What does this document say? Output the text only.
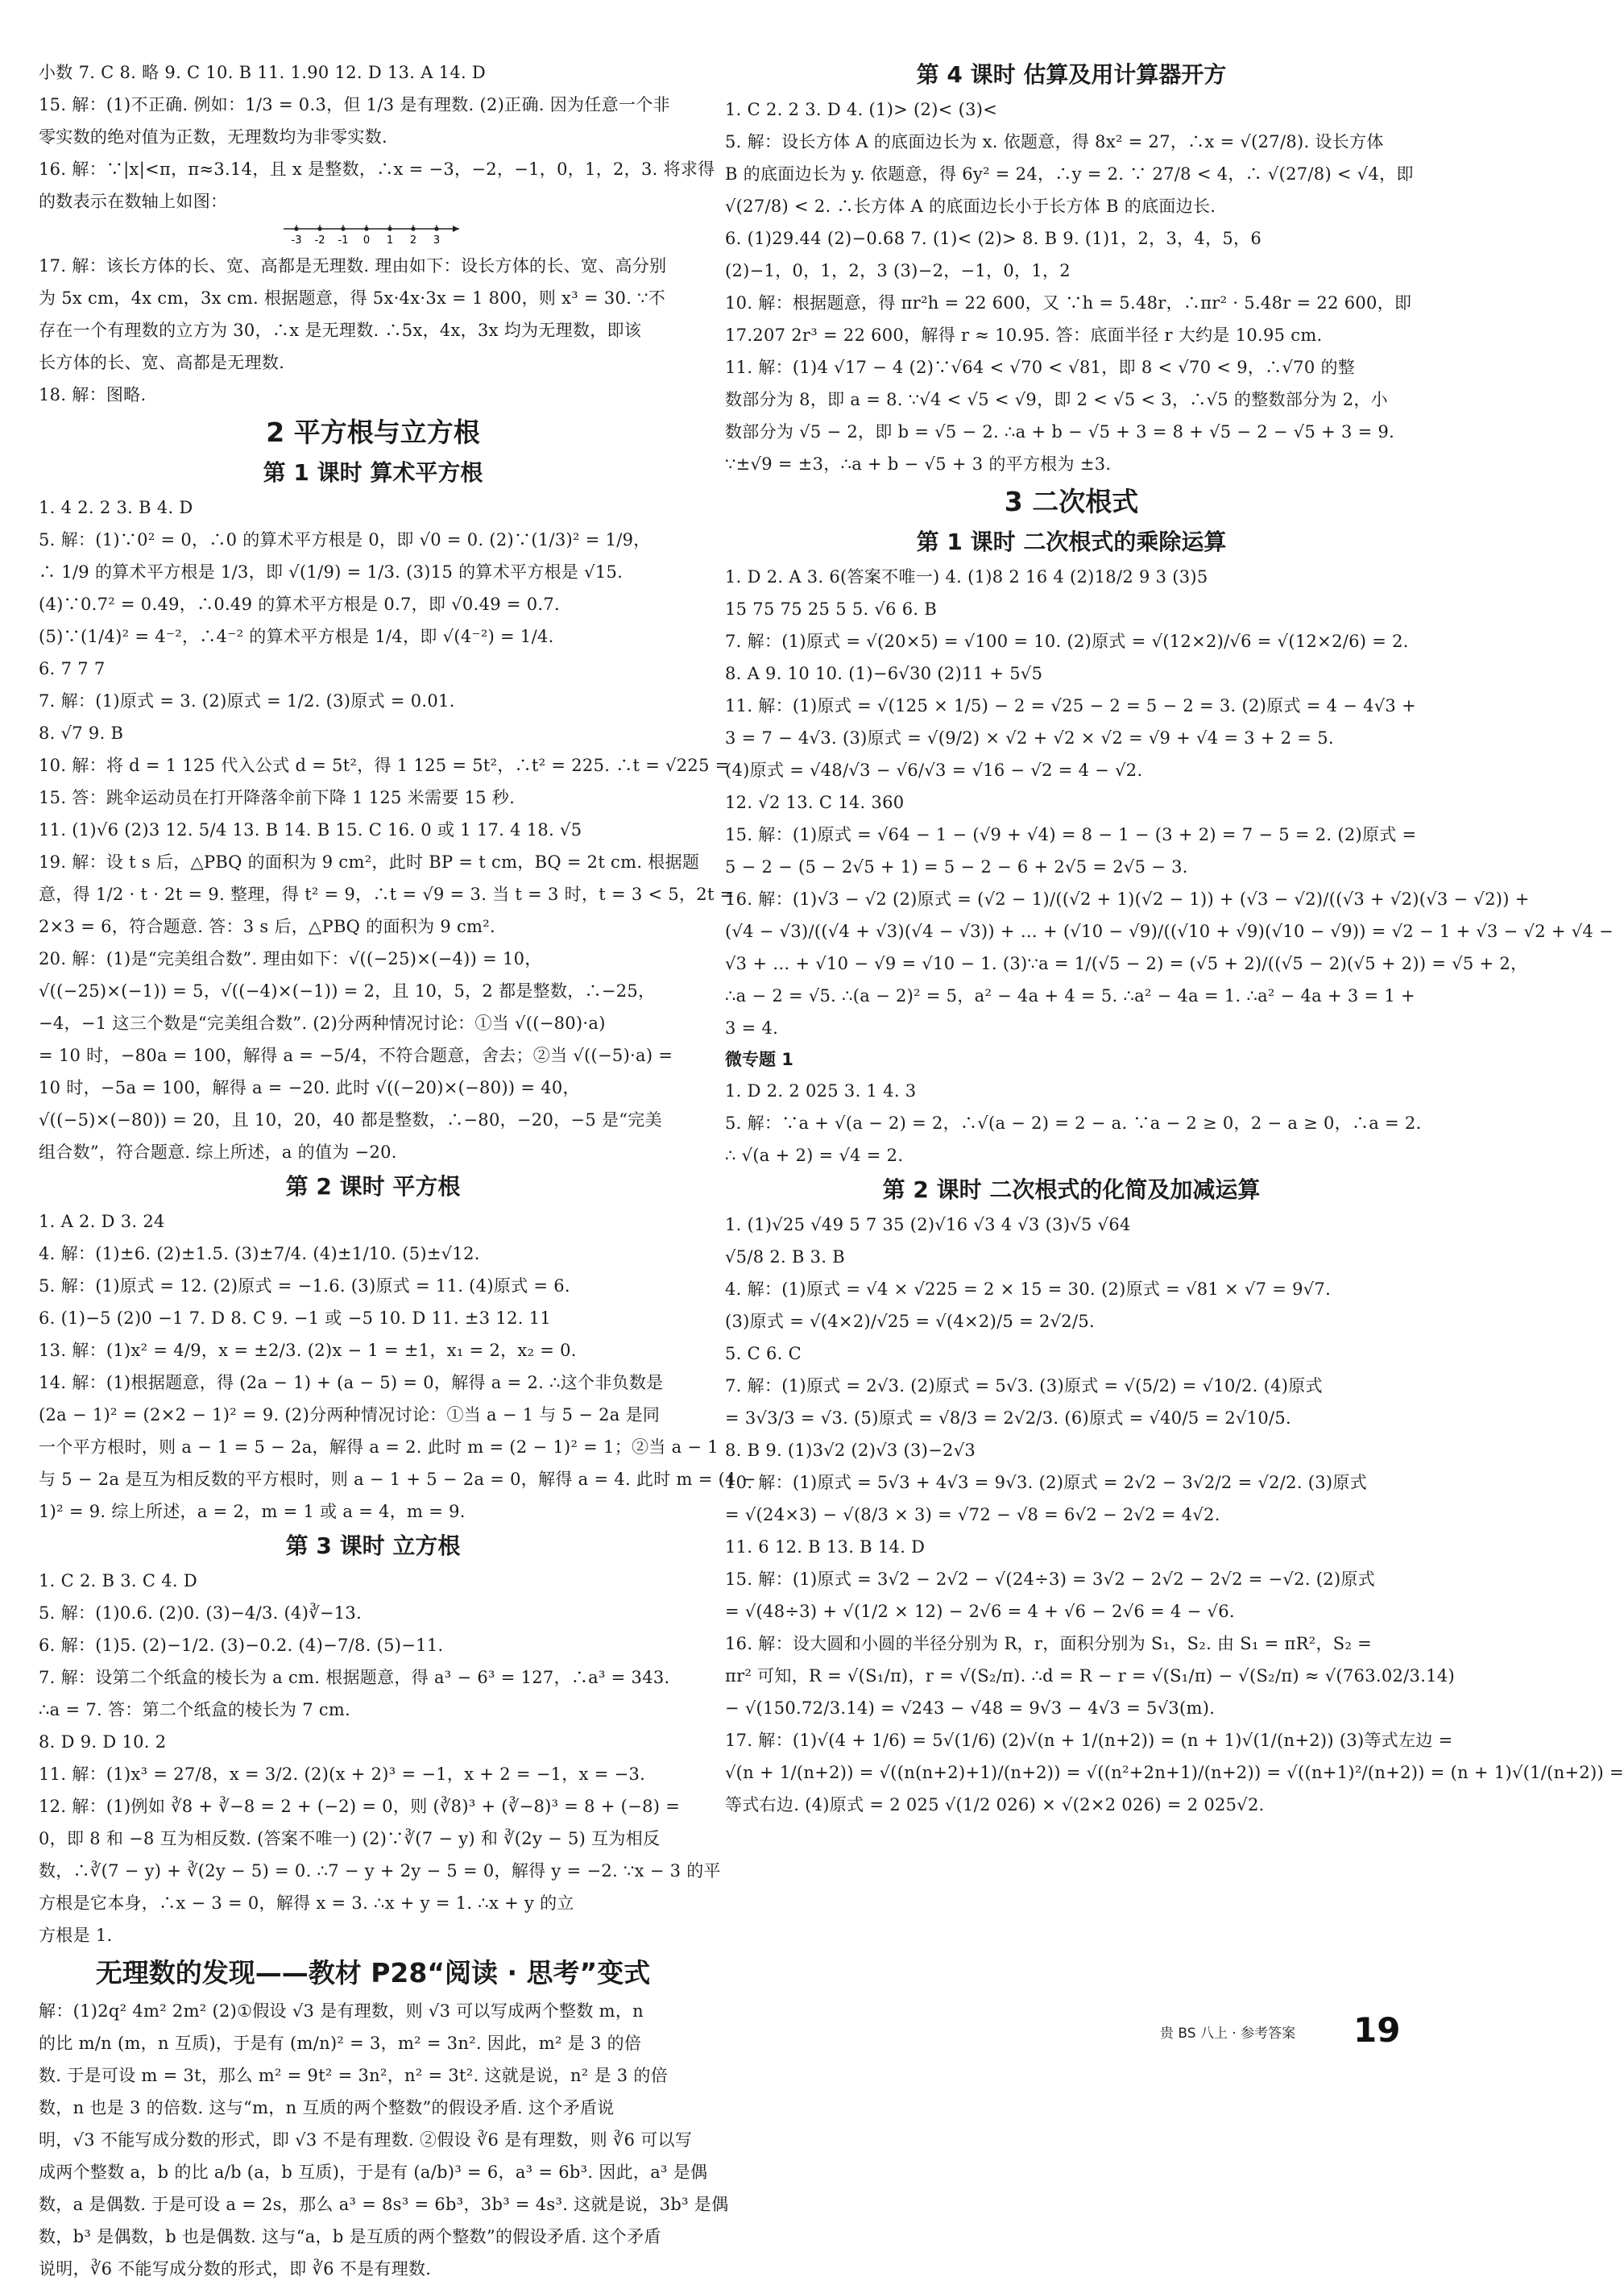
小数 7. C 8. 略 9. C 10. B 11. 1.90 12. D 13. A 14. D

15. 解：(1)不正确. 例如：1/3 = 0.3̇，但 1/3 是有理数. (2)正确. 因为任意一个非

零实数的绝对值为正数，无理数均为非零实数.

16. 解：∵|x|<π，π≈3.14，且 x 是整数，∴x = −3，−2，−1，0，1，2，3. 将求得

的数表示在数轴上如图：

-3 -2 -1 0 1 2 3

17. 解：该长方体的长、宽、高都是无理数. 理由如下：设长方体的长、宽、高分别

为 5x cm，4x cm，3x cm. 根据题意，得 5x·4x·3x = 1 800，则 x³ = 30. ∵不

存在一个有理数的立方为 30，∴x 是无理数. ∴5x，4x，3x 均为无理数，即该

长方体的长、宽、高都是无理数.

18. 解：图略.

2 平方根与立方根

第 1 课时 算术平方根

1. 4 2. 2 3. B 4. D

5. 解：(1)∵0² = 0，∴0 的算术平方根是 0，即 √0 = 0. (2)∵(1/3)² = 1/9，

∴ 1/9 的算术平方根是 1/3，即 √(1/9) = 1/3. (3)15 的算术平方根是 √15.

(4)∵0.7² = 0.49，∴0.49 的算术平方根是 0.7，即 √0.49 = 0.7.

(5)∵(1/4)² = 4⁻²，∴4⁻² 的算术平方根是 1/4，即 √(4⁻²) = 1/4.

6. 7 7 7

7. 解：(1)原式 = 3. (2)原式 = 1/2. (3)原式 = 0.01.

8. √7 9. B

10. 解：将 d = 1 125 代入公式 d = 5t²，得 1 125 = 5t²，∴t² = 225. ∴t = √225 =

15. 答：跳伞运动员在打开降落伞前下降 1 125 米需要 15 秒.

11. (1)√6 (2)3 12. 5/4 13. B 14. B 15. C 16. 0 或 1 17. 4 18. √5

19. 解：设 t s 后，△PBQ 的面积为 9 cm²，此时 BP = t cm，BQ = 2t cm. 根据题

意，得 1/2 · t · 2t = 9. 整理，得 t² = 9，∴t = √9 = 3. 当 t = 3 时，t = 3 < 5，2t =

2×3 = 6，符合题意. 答：3 s 后，△PBQ 的面积为 9 cm².

20. 解：(1)是“完美组合数”. 理由如下：√((−25)×(−4)) = 10，

√((−25)×(−1)) = 5，√((−4)×(−1)) = 2，且 10，5，2 都是整数，∴−25，

−4，−1 这三个数是“完美组合数”. (2)分两种情况讨论：①当 √((−80)·a)

= 10 时，−80a = 100，解得 a = −5/4，不符合题意，舍去；②当 √((−5)·a) =

10 时，−5a = 100，解得 a = −20. 此时 √((−20)×(−80)) = 40，

√((−5)×(−80)) = 20，且 10，20，40 都是整数，∴−80，−20，−5 是“完美

组合数”，符合题意. 综上所述，a 的值为 −20.

第 2 课时 平方根

1. A 2. D 3. 24

4. 解：(1)±6. (2)±1.5. (3)±7/4. (4)±1/10. (5)±√12.

5. 解：(1)原式 = 12. (2)原式 = −1.6. (3)原式 = 11. (4)原式 = 6.

6. (1)−5 (2)0 −1 7. D 8. C 9. −1 或 −5 10. D 11. ±3 12. 11

13. 解：(1)x² = 4/9，x = ±2/3. (2)x − 1 = ±1，x₁ = 2，x₂ = 0.

14. 解：(1)根据题意，得 (2a − 1) + (a − 5) = 0，解得 a = 2. ∴这个非负数是

(2a − 1)² = (2×2 − 1)² = 9. (2)分两种情况讨论：①当 a − 1 与 5 − 2a 是同

一个平方根时，则 a − 1 = 5 − 2a，解得 a = 2. 此时 m = (2 − 1)² = 1；②当 a − 1

与 5 − 2a 是互为相反数的平方根时，则 a − 1 + 5 − 2a = 0，解得 a = 4. 此时 m = (4 −

1)² = 9. 综上所述，a = 2，m = 1 或 a = 4，m = 9.

第 3 课时 立方根

1. C 2. B 3. C 4. D

5. 解：(1)0.6. (2)0. (3)−4/3. (4)∛−13.

6. 解：(1)5. (2)−1/2. (3)−0.2. (4)−7/8. (5)−11.

7. 解：设第二个纸盒的棱长为 a cm. 根据题意，得 a³ − 6³ = 127，∴a³ = 343.

∴a = 7. 答：第二个纸盒的棱长为 7 cm.

8. D 9. D 10. 2

11. 解：(1)x³ = 27/8，x = 3/2. (2)(x + 2)³ = −1，x + 2 = −1，x = −3.

12. 解：(1)例如 ∛8 + ∛−8 = 2 + (−2) = 0，则 (∛8)³ + (∛−8)³ = 8 + (−8) =

0，即 8 和 −8 互为相反数. (答案不唯一) (2)∵∛(7 − y) 和 ∛(2y − 5) 互为相反

数，∴∛(7 − y) + ∛(2y − 5) = 0. ∴7 − y + 2y − 5 = 0，解得 y = −2. ∵x − 3 的平

方根是它本身，∴x − 3 = 0，解得 x = 3. ∴x + y = 1. ∴x + y 的立

方根是 1.

无理数的发现——教材 P28“阅读 · 思考”变式

解：(1)2q² 4m² 2m² (2)①假设 √3 是有理数，则 √3 可以写成两个整数 m，n

的比 m/n (m，n 互质)，于是有 (m/n)² = 3，m² = 3n². 因此，m² 是 3 的倍

数. 于是可设 m = 3t，那么 m² = 9t² = 3n²，n² = 3t². 这就是说，n² 是 3 的倍

数，n 也是 3 的倍数. 这与“m，n 互质的两个整数”的假设矛盾. 这个矛盾说

明，√3 不能写成分数的形式，即 √3 不是有理数. ②假设 ∛6 是有理数，则 ∛6 可以写

成两个整数 a，b 的比 a/b (a，b 互质)，于是有 (a/b)³ = 6，a³ = 6b³. 因此，a³ 是偶

数，a 是偶数. 于是可设 a = 2s，那么 a³ = 8s³ = 6b³，3b³ = 4s³. 这就是说，3b³ 是偶

数，b³ 是偶数，b 也是偶数. 这与“a，b 是互质的两个整数”的假设矛盾. 这个矛盾

说明，∛6 不能写成分数的形式，即 ∛6 不是有理数.

第 4 课时 估算及用计算器开方

1. C 2. 2 3. D 4. (1)> (2)< (3)<

5. 解：设长方体 A 的底面边长为 x. 依题意，得 8x² = 27，∴x = √(27/8). 设长方体

B 的底面边长为 y. 依题意，得 6y² = 24，∴y = 2. ∵ 27/8 < 4，∴ √(27/8) < √4，即

√(27/8) < 2. ∴长方体 A 的底面边长小于长方体 B 的底面边长.

6. (1)29.44 (2)−0.68 7. (1)< (2)> 8. B 9. (1)1，2，3，4，5，6

(2)−1，0，1，2，3 (3)−2，−1，0，1，2

10. 解：根据题意，得 πr²h = 22 600，又 ∵h = 5.48r，∴πr² · 5.48r = 22 600，即

17.207 2r³ = 22 600，解得 r ≈ 10.95. 答：底面半径 r 大约是 10.95 cm.

11. 解：(1)4 √17 − 4 (2)∵√64 < √70 < √81，即 8 < √70 < 9，∴√70 的整

数部分为 8，即 a = 8. ∵√4 < √5 < √9，即 2 < √5 < 3，∴√5 的整数部分为 2，小

数部分为 √5 − 2，即 b = √5 − 2. ∴a + b − √5 + 3 = 8 + √5 − 2 − √5 + 3 = 9.

∵±√9 = ±3，∴a + b − √5 + 3 的平方根为 ±3.

3 二次根式

第 1 课时 二次根式的乘除运算

1. D 2. A 3. 6(答案不唯一) 4. (1)8 2 16 4 (2)18/2 9 3 (3)5

15 75 75 25 5 5. √6 6. B

7. 解：(1)原式 = √(20×5) = √100 = 10. (2)原式 = √(12×2)/√6 = √(12×2/6) = 2.

8. A 9. 10 10. (1)−6√30 (2)11 + 5√5

11. 解：(1)原式 = √(125 × 1/5) − 2 = √25 − 2 = 5 − 2 = 3. (2)原式 = 4 − 4√3 +

3 = 7 − 4√3. (3)原式 = √(9/2) × √2 + √2 × √2 = √9 + √4 = 3 + 2 = 5.

(4)原式 = √48/√3 − √6/√3 = √16 − √2 = 4 − √2.

12. √2 13. C 14. 360

15. 解：(1)原式 = √64 − 1 − (√9 + √4) = 8 − 1 − (3 + 2) = 7 − 5 = 2. (2)原式 =

5 − 2 − (5 − 2√5 + 1) = 5 − 2 − 6 + 2√5 = 2√5 − 3.

16. 解：(1)√3 − √2 (2)原式 = (√2 − 1)/((√2 + 1)(√2 − 1)) + (√3 − √2)/((√3 + √2)(√3 − √2)) +

(√4 − √3)/((√4 + √3)(√4 − √3)) + … + (√10 − √9)/((√10 + √9)(√10 − √9)) = √2 − 1 + √3 − √2 + √4 −

√3 + … + √10 − √9 = √10 − 1. (3)∵a = 1/(√5 − 2) = (√5 + 2)/((√5 − 2)(√5 + 2)) = √5 + 2，

∴a − 2 = √5. ∴(a − 2)² = 5，a² − 4a + 4 = 5. ∴a² − 4a = 1. ∴a² − 4a + 3 = 1 +

3 = 4.

微专题 1

1. D 2. 2 025 3. 1 4. 3

5. 解：∵a + √(a − 2) = 2，∴√(a − 2) = 2 − a. ∵a − 2 ≥ 0，2 − a ≥ 0，∴a = 2.

∴ √(a + 2) = √4 = 2.

第 2 课时 二次根式的化简及加减运算

1. (1)√25 √49 5 7 35 (2)√16 √3 4 √3 (3)√5 √64

√5/8 2. B 3. B

4. 解：(1)原式 = √4 × √225 = 2 × 15 = 30. (2)原式 = √81 × √7 = 9√7.

(3)原式 = √(4×2)/√25 = √(4×2)/5 = 2√2/5.

5. C 6. C

7. 解：(1)原式 = 2√3. (2)原式 = 5√3. (3)原式 = √(5/2) = √10/2. (4)原式

= 3√3/3 = √3. (5)原式 = √8/3 = 2√2/3. (6)原式 = √40/5 = 2√10/5.

8. B 9. (1)3√2 (2)√3 (3)−2√3

10. 解：(1)原式 = 5√3 + 4√3 = 9√3. (2)原式 = 2√2 − 3√2/2 = √2/2. (3)原式

= √(24×3) − √(8/3 × 3) = √72 − √8 = 6√2 − 2√2 = 4√2.

11. 6 12. B 13. B 14. D

15. 解：(1)原式 = 3√2 − 2√2 − √(24÷3) = 3√2 − 2√2 − 2√2 = −√2. (2)原式

= √(48÷3) + √(1/2 × 12) − 2√6 = 4 + √6 − 2√6 = 4 − √6.

16. 解：设大圆和小圆的半径分别为 R，r，面积分别为 S₁，S₂. 由 S₁ = πR²，S₂ =

πr² 可知，R = √(S₁/π)，r = √(S₂/π). ∴d = R − r = √(S₁/π) − √(S₂/π) ≈ √(763.02/3.14)

− √(150.72/3.14) = √243 − √48 = 9√3 − 4√3 = 5√3(m).

17. 解：(1)√(4 + 1/6) = 5√(1/6) (2)√(n + 1/(n+2)) = (n + 1)√(1/(n+2)) (3)等式左边 =

√(n + 1/(n+2)) = √((n(n+2)+1)/(n+2)) = √((n²+2n+1)/(n+2)) = √((n+1)²/(n+2)) = (n + 1)√(1/(n+2)) =

等式右边. (4)原式 = 2 025 √(1/2 026) × √(2×2 026) = 2 025√2.

贵 BS 八上 · 参考答案 19
